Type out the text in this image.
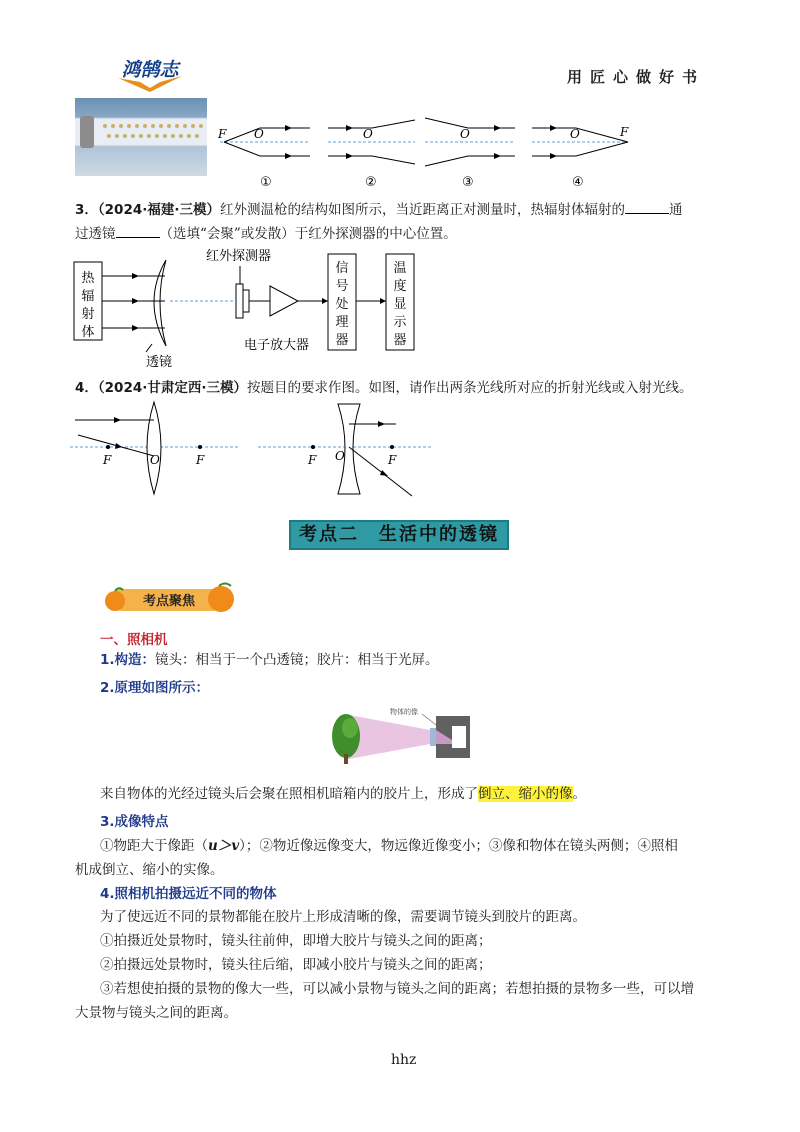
鸿鹄志	用匠心做好书
F O	O	O	O	F
①	②	③	④
3．（2024·福建·三模）红外测温枪的结构如图所示，当近距离正对测量时，热辐射体辐射的	通
过透镜	（选填“会聚”或发散）于红外探测器的中心位置。
热辐射体
信号处理器
温度显示器
红外探测器
电子放大器
透镜
4．（2024·甘肃定西·三模）按题目的要求作图。如图，请作出两条光线所对应的折射光线或入射光线。
F	O	F	F O	F
考点二　生活中的透镜
考点聚焦
一、照相机
1.构造：镜头：相当于一个凸透镜；胶片：相当于光屏。
2.原理如图所示：
物体的像
来自物体的光经过镜头后会聚在照相机暗箱内的胶片上，形成了倒立、缩小的像。
3.成像特点
①物距大于像距（u＞v）；②物近像远像变大，物远像近像变小；③像和物体在镜头两侧；④照相
机成倒立、缩小的实像。
4.照相机拍摄远近不同的物体
为了使远近不同的景物都能在胶片上形成清晰的像，需要调节镜头到胶片的距离。
①拍摄近处景物时，镜头往前伸，即增大胶片与镜头之间的距离；
②拍摄远处景物时，镜头往后缩，即减小胶片与镜头之间的距离；
③若想使拍摄的景物的像大一些，可以减小景物与镜头之间的距离；若想拍摄的景物多一些，可以增
大景物与镜头之间的距离。
hhz
